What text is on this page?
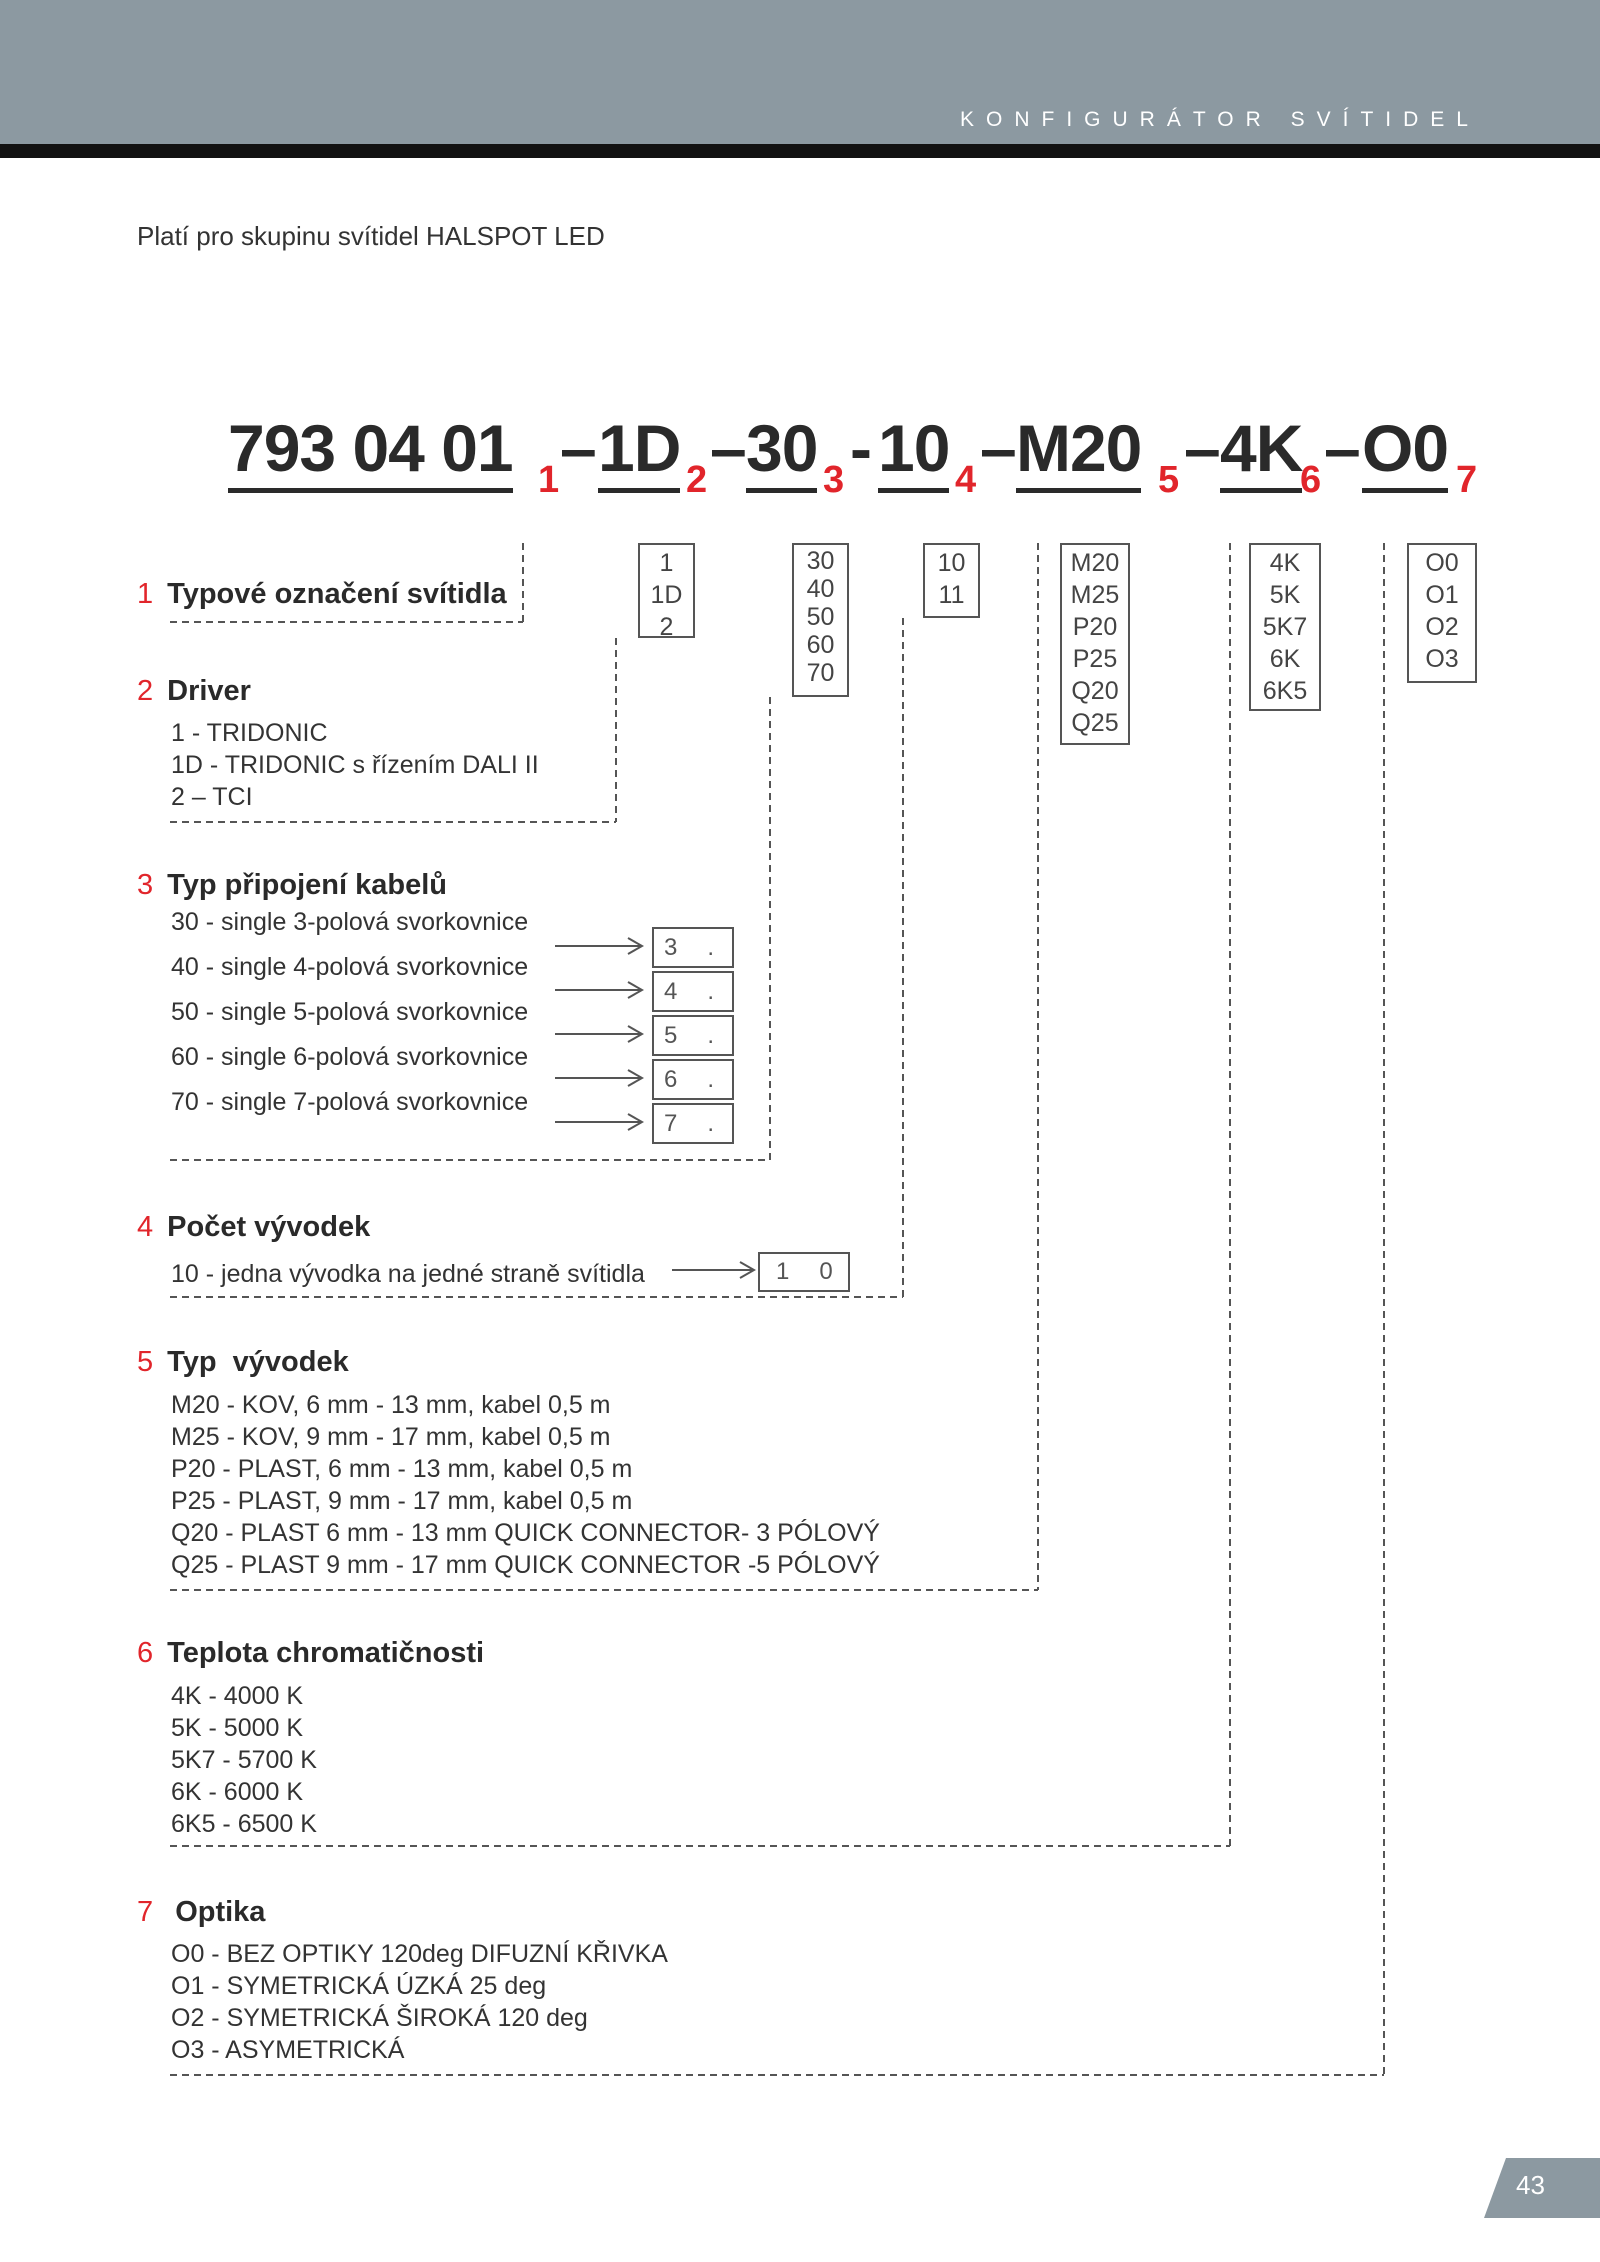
KONFIGURÁTOR SVÍTIDEL
Platí pro skupinu svítidel HALSPOT LED
793 04 01 1 – 1D 2 – 30 3 - 10 4 – M20 5 – 4K
6 – O0 7
1
1D
2
30
40
50
60
70
10
11
M20
M25
P20
P25
Q20
Q25
4K
5K
5K7
6K
6K5
O0
O1
O2
O3
1 Typové označení svítidla
2 Driver
1 - TRIDONIC
1D - TRIDONIC s řízením DALI II
2 – TCI
3 Typ připojení kabelů
30 - single 3-polová svorkovnice
40 - single 4-polová svorkovnice
50 - single 5-polová svorkovnice
60 - single 6-polová svorkovnice
70 - single 7-polová svorkovnice
3.
4.
5.
6.
7.
4 Počet vývodek
10 - jedna vývodka na jedné straně svítidla	10
5 Typ  vývodek
M20 - KOV, 6 mm - 13 mm, kabel 0,5 m
M25 - KOV, 9 mm - 17 mm, kabel 0,5 m
P20 - PLAST, 6 mm - 13 mm, kabel 0,5 m
P25 - PLAST, 9 mm - 17 mm, kabel 0,5 m
Q20 - PLAST 6 mm - 13 mm QUICK CONNECTOR- 3 PÓLOVÝ
Q25 - PLAST 9 mm - 17 mm QUICK CONNECTOR -5 PÓLOVÝ
6 Teplota chromatičnosti
4K - 4000 K
5K - 5000 K
5K7 - 5700 K
6K - 6000 K
6K5 - 6500 K
7 Optika
O0 - BEZ OPTIKY 120deg DIFUZNÍ KŘIVKA
O1 - SYMETRICKÁ ÚZKÁ 25 deg
O2 - SYMETRICKÁ ŠIROKÁ 120 deg
O3 - ASYMETRICKÁ
43
